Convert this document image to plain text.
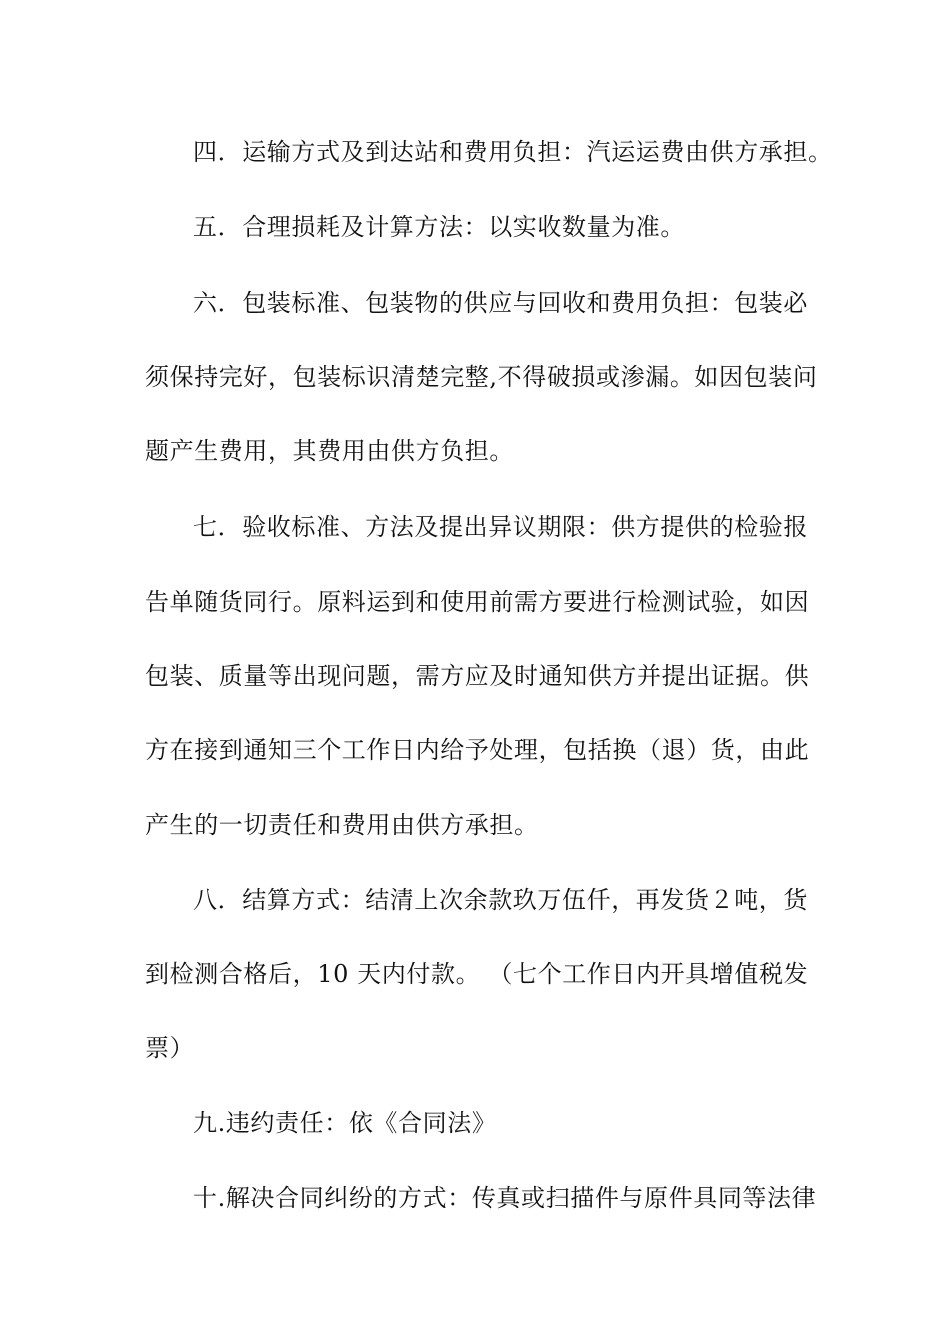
四．运输方式及到达站和费用负担：汽运运费由供方承担。
五．合理损耗及计算方法：以实收数量为准。
六．包装标准、包装物的供应与回收和费用负担：包装必
须保持完好，包装标识清楚完整,不得破损或渗漏。如因包装问
题产生费用，其费用由供方负担。
七．验收标准、方法及提出异议期限：供方提供的检验报
告单随货同行。原料运到和使用前需方要进行检测试验，如因
包装、质量等出现问题，需方应及时通知供方并提出证据。供
方在接到通知三个工作日内给予处理，包括换（退）货，由此
产生的一切责任和费用由供方承担。
八．结算方式：结清上次余款玖万伍仟，再发货２吨，货
到检测合格后，10 天内付款。 （七个工作日内开具增值税发
票）
九.违约责任：依《合同法》
十.解决合同纠纷的方式：传真或扫描件与原件具同等法律
